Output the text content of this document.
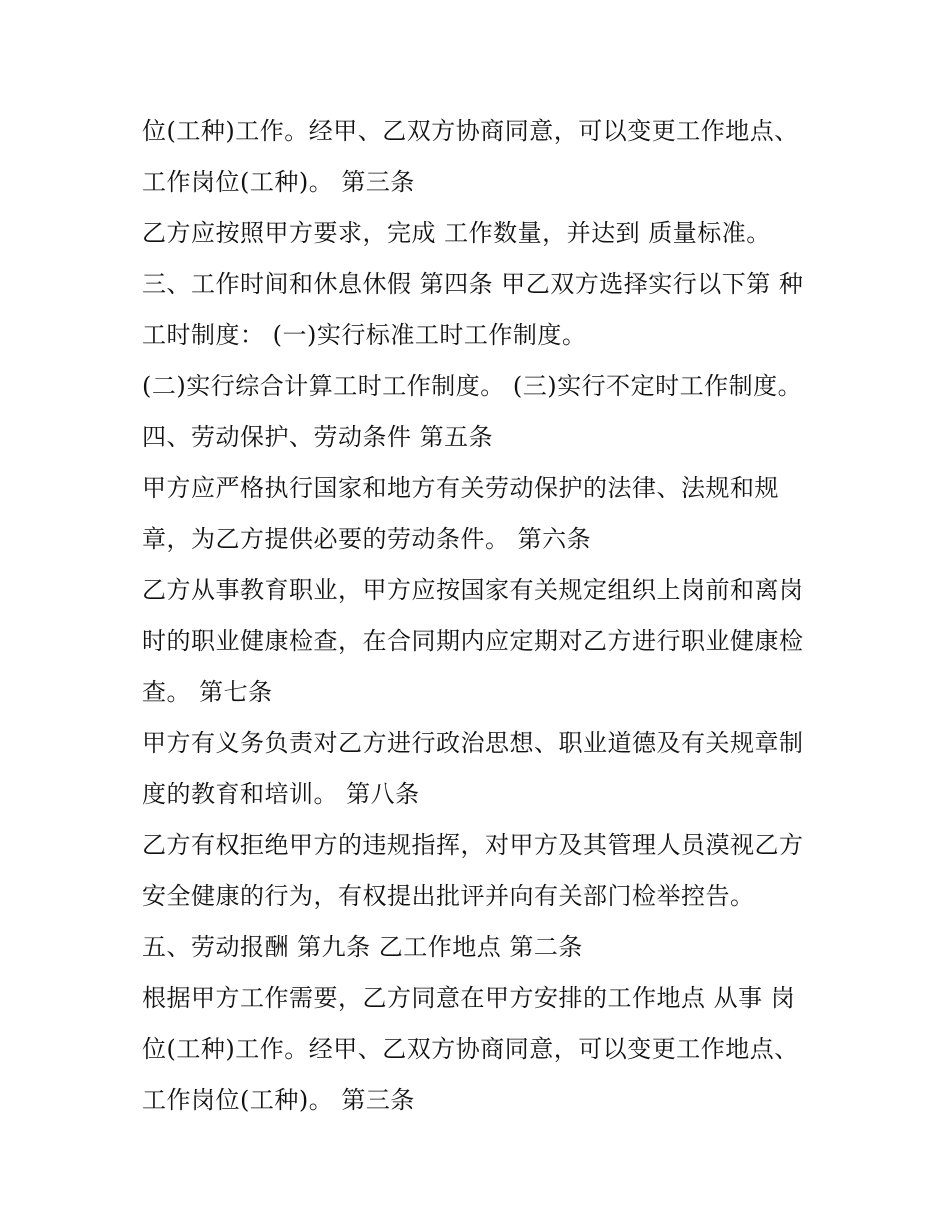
位(工种)工作。经甲、乙双方协商同意，可以变更工作地点、
工作岗位(工种)。 第三条
乙方应按照甲方要求，完成 工作数量，并达到 质量标准。
三、工作时间和休息休假 第四条 甲乙双方选择实行以下第 种
工时制度： (一)实行标准工时工作制度。
(二)实行综合计算工时工作制度。 (三)实行不定时工作制度。
四、劳动保护、劳动条件 第五条
甲方应严格执行国家和地方有关劳动保护的法律、法规和规
章，为乙方提供必要的劳动条件。 第六条
乙方从事教育职业，甲方应按国家有关规定组织上岗前和离岗
时的职业健康检查，在合同期内应定期对乙方进行职业健康检
查。 第七条
甲方有义务负责对乙方进行政治思想、职业道德及有关规章制
度的教育和培训。 第八条
乙方有权拒绝甲方的违规指挥，对甲方及其管理人员漠视乙方
安全健康的行为，有权提出批评并向有关部门检举控告。
五、劳动报酬 第九条 乙工作地点 第二条
根据甲方工作需要，乙方同意在甲方安排的工作地点 从事 岗
位(工种)工作。经甲、乙双方协商同意，可以变更工作地点、
工作岗位(工种)。 第三条
